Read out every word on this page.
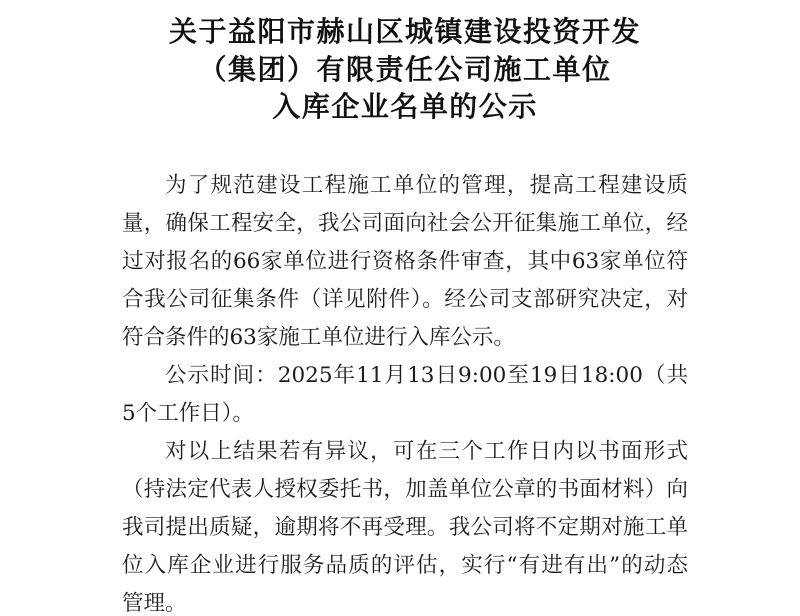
关于益阳市赫山区城镇建设投资开发
（集团）有限责任公司施工单位
入库企业名单的公示
为了规范建设工程施工单位的管理，提高工程建设质
量，确保工程安全，我公司面向社会公开征集施工单位，经
过对报名的66家单位进行资格条件审查，其中63家单位符
合我公司征集条件（详见附件）。经公司支部研究决定，对
符合条件的63家施工单位进行入库公示。
公示时间：2025年11月13日9:00至19日18:00（共
5个工作日）。
对以上结果若有异议，可在三个工作日内以书面形式
（持法定代表人授权委托书，加盖单位公章的书面材料）向
我司提出质疑，逾期将不再受理。我公司将不定期对施工单
位入库企业进行服务品质的评估，实行“有进有出”的动态
管理。
